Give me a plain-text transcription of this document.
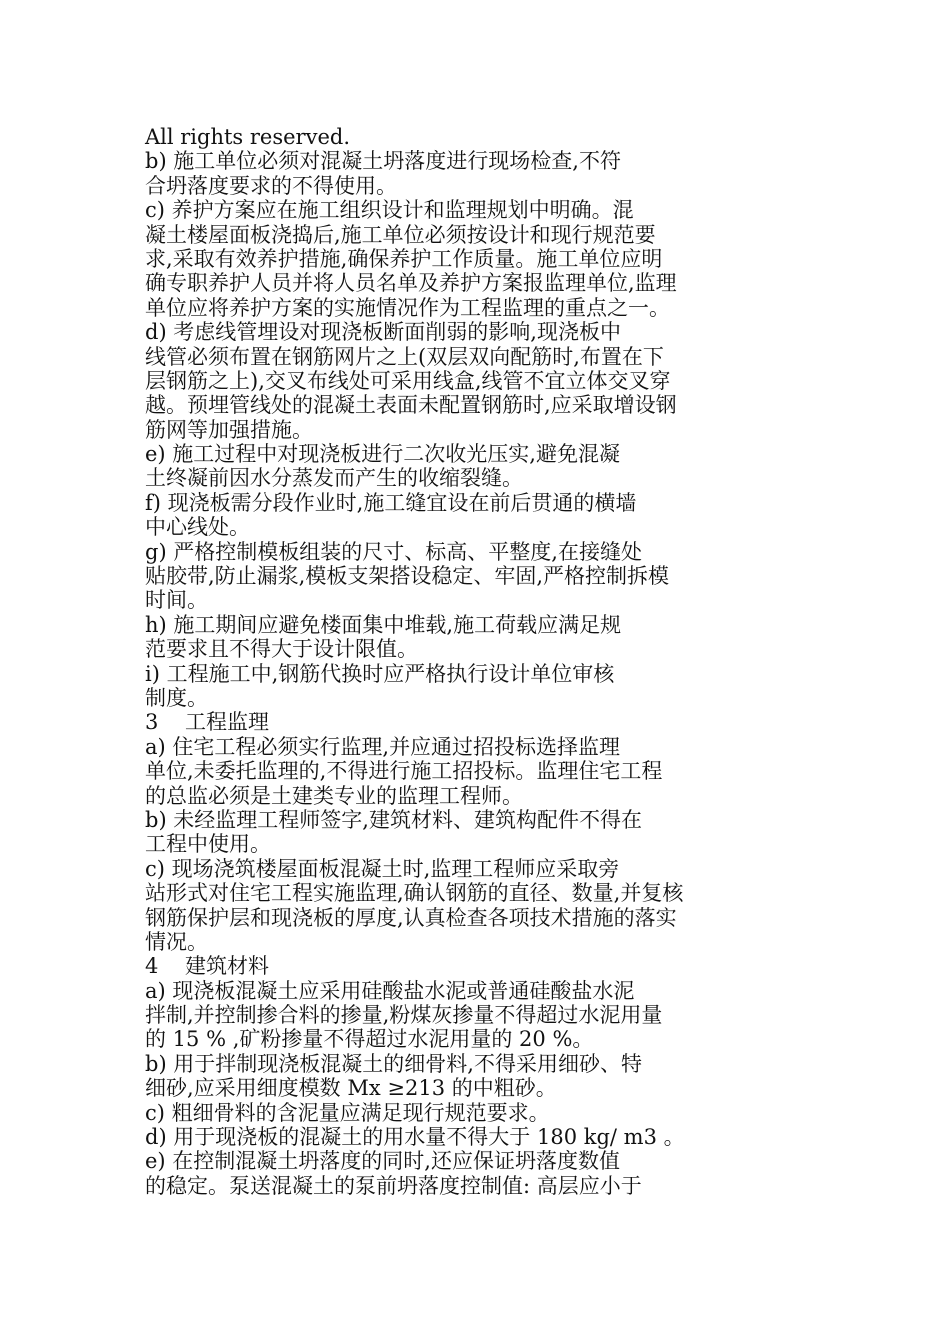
All rights reserved.
b) 施工单位必须对混凝土坍落度进行现场检查,不符
合坍落度要求的不得使用。
c) 养护方案应在施工组织设计和监理规划中明确。混
凝土楼屋面板浇捣后,施工单位必须按设计和现行规范要
求,采取有效养护措施,确保养护工作质量。施工单位应明
确专职养护人员并将人员名单及养护方案报监理单位,监理
单位应将养护方案的实施情况作为工程监理的重点之一。
d) 考虑线管埋设对现浇板断面削弱的影响,现浇板中
线管必须布置在钢筋网片之上(双层双向配筋时,布置在下
层钢筋之上),交叉布线处可采用线盒,线管不宜立体交叉穿
越。预埋管线处的混凝土表面未配置钢筋时,应采取增设钢
筋网等加强措施。
e) 施工过程中对现浇板进行二次收光压实,避免混凝
土终凝前因水分蒸发而产生的收缩裂缝。
f) 现浇板需分段作业时,施工缝宜设在前后贯通的横墙
中心线处。
g) 严格控制模板组装的尺寸、标高、平整度,在接缝处
贴胶带,防止漏浆,模板支架搭设稳定、牢固,严格控制拆模
时间。
h) 施工期间应避免楼面集中堆载,施工荷载应满足规
范要求且不得大于设计限值。
i) 工程施工中,钢筋代换时应严格执行设计单位审核
制度。
3    工程监理
a) 住宅工程必须实行监理,并应通过招投标选择监理
单位,未委托监理的,不得进行施工招投标。监理住宅工程
的总监必须是土建类专业的监理工程师。
b) 未经监理工程师签字,建筑材料、建筑构配件不得在
工程中使用。
c) 现场浇筑楼屋面板混凝土时,监理工程师应采取旁
站形式对住宅工程实施监理,确认钢筋的直径、数量,并复核
钢筋保护层和现浇板的厚度,认真检查各项技术措施的落实
情况。
4    建筑材料
a) 现浇板混凝土应采用硅酸盐水泥或普通硅酸盐水泥
拌制,并控制掺合料的掺量,粉煤灰掺量不得超过水泥用量
的 15 % ,矿粉掺量不得超过水泥用量的 20 %。
b) 用于拌制现浇板混凝土的细骨料,不得采用细砂、特
细砂,应采用细度模数 Mx ≥213 的中粗砂。
c) 粗细骨料的含泥量应满足现行规范要求。
d) 用于现浇板的混凝土的用水量不得大于 180 kg/ m3 。
e) 在控制混凝土坍落度的同时,还应保证坍落度数值
的稳定。泵送混凝土的泵前坍落度控制值: 高层应小于
